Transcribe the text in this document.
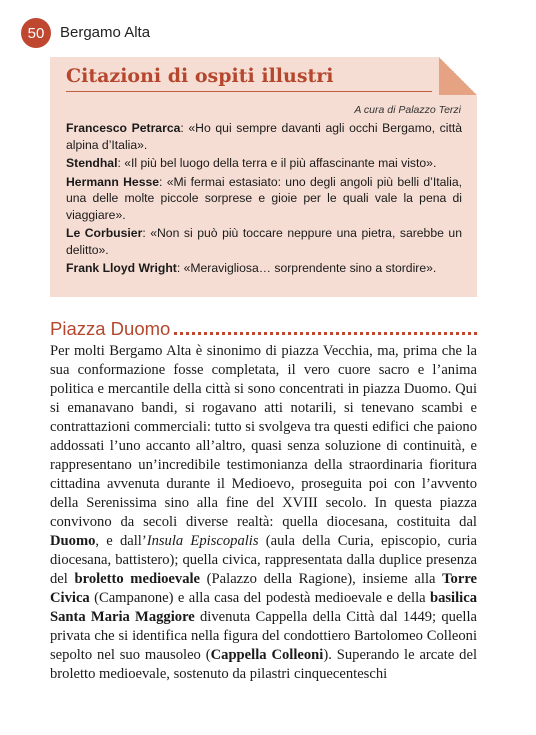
50	Bergamo Alta
Citazioni di ospiti illustri
A cura di Palazzo Terzi

Francesco Petrarca: «Ho qui sempre davanti agli occhi Bergamo, città alpina d’Italia».

Stendhal: «Il più bel luogo della terra e il più affascinante mai visto».

Hermann Hesse: «Mi fermai estasiato: uno degli angoli più belli d’Italia, una delle molte piccole sorprese e gioie per le quali vale la pena di viaggiare».

Le Corbusier: «Non si può più toccare neppure una pietra, sarebbe un delitto».

Frank Lloyd Wright: «Meravigliosa… sorprendente sino a stordire».

Piazza Duomo
Per molti Bergamo Alta è sinonimo di piazza Vecchia, ma, prima che la sua conformazione fosse completata, il vero cuore sacro e l’anima politica e mercantile della città si sono concentrati in piazza Duomo. Qui si emanavano bandi, si rogavano atti notarili, si tenevano scambi e contrattazioni commerciali: tutto si svolgeva tra questi edifici che paiono addossati l’uno accanto all’altro, quasi senza soluzione di continuità, e rappresentano un’incredibile testimonianza della straordinaria fioritura cittadina avvenuta durante il Medioevo, proseguita poi con l’avvento della Serenissima sino alla fine del XVIII secolo. In questa piazza convivono da secoli diverse realtà: quella diocesana, costituita dal Duomo, e dall’Insula Episcopalis (aula della Curia, episcopio, curia diocesana, battistero); quella civica, rappresentata dalla duplice presenza del broletto medioevale (Palazzo della Ragione), insieme alla Torre Civica (Campanone) e alla casa del podestà medioevale e della basilica Santa Maria Maggiore divenuta Cappella della Città dal 1449; quella privata che si identifica nella figura del condottiero Bartolomeo Colleoni sepolto nel suo mausoleo (Cappella Colleoni). Superando le arcate del broletto medioevale, sostenuto da pilastri cinquecenteschi
